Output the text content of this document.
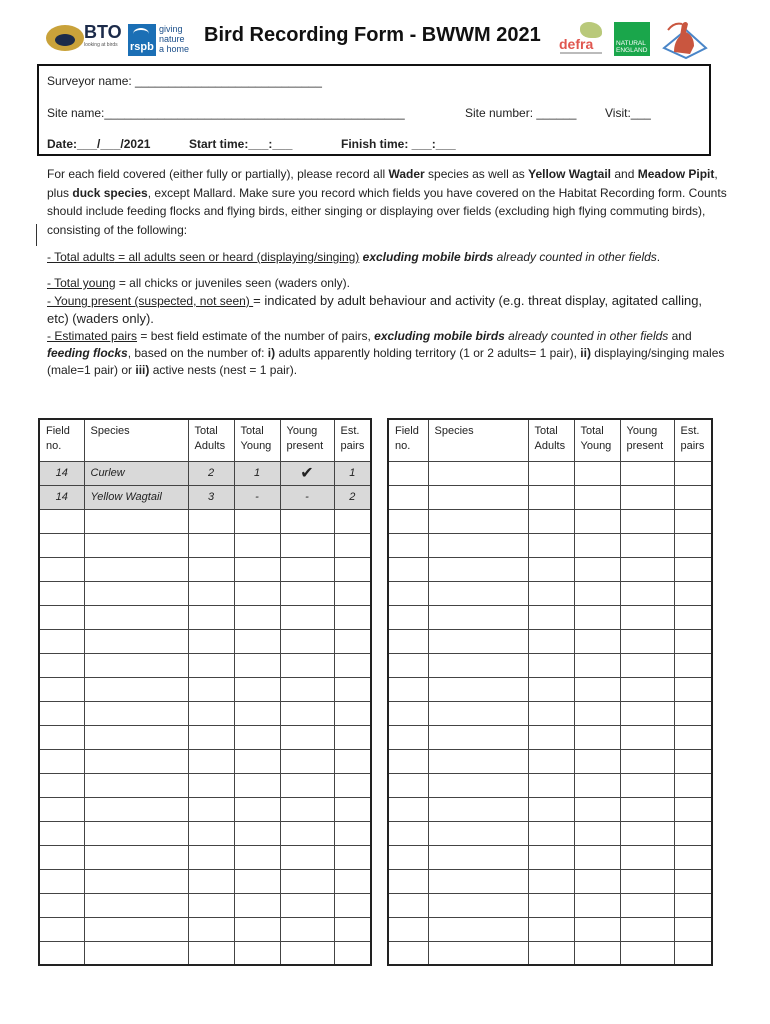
BTO
looking at birds rspb
giving
nature
a home
Bird Recording Form - BWWM 2021 defra	NATURAL
ENGLAND
Surveyor name: ____________________________
Site name:_____________________________________________	Site number: ______ Visit:___
Date:___/___/2021	Start time:___:___	Finish time: ___:___
For each field covered (either fully or partially), please record all Wader species as well as Yellow Wagtail and Meadow Pipit, plus duck species, except Mallard. Make sure you record which fields you have covered on the Habitat Recording form. Counts should include feeding flocks and flying birds, either singing or displaying over fields (excluding high flying commuting birds), consisting of the following:
- Total adults = all adults seen or heard (displaying/singing) excluding mobile birds already counted in other fields.
- Total young = all chicks or juveniles seen (waders only).
- Young present (suspected, not seen) = indicated by adult behaviour and activity (e.g. threat display, agitated calling, etc) (waders only).
- Estimated pairs = best field estimate of the number of pairs, excluding mobile birds already counted in other fields and feeding flocks, based on the number of: i) adults apparently holding territory (1 or 2 adults= 1 pair), ii) displaying/singing males (male=1 pair) or iii) active nests (nest = 1 pair).
Field no.	Species	Total Adults	Total Young	Young present	Est. pairs
14	Curlew	2	1	✔	1
14	Yellow Wagtail	3	-	-	2

Field no.	Species	Total Adults	Total Young	Young present	Est. pairs
